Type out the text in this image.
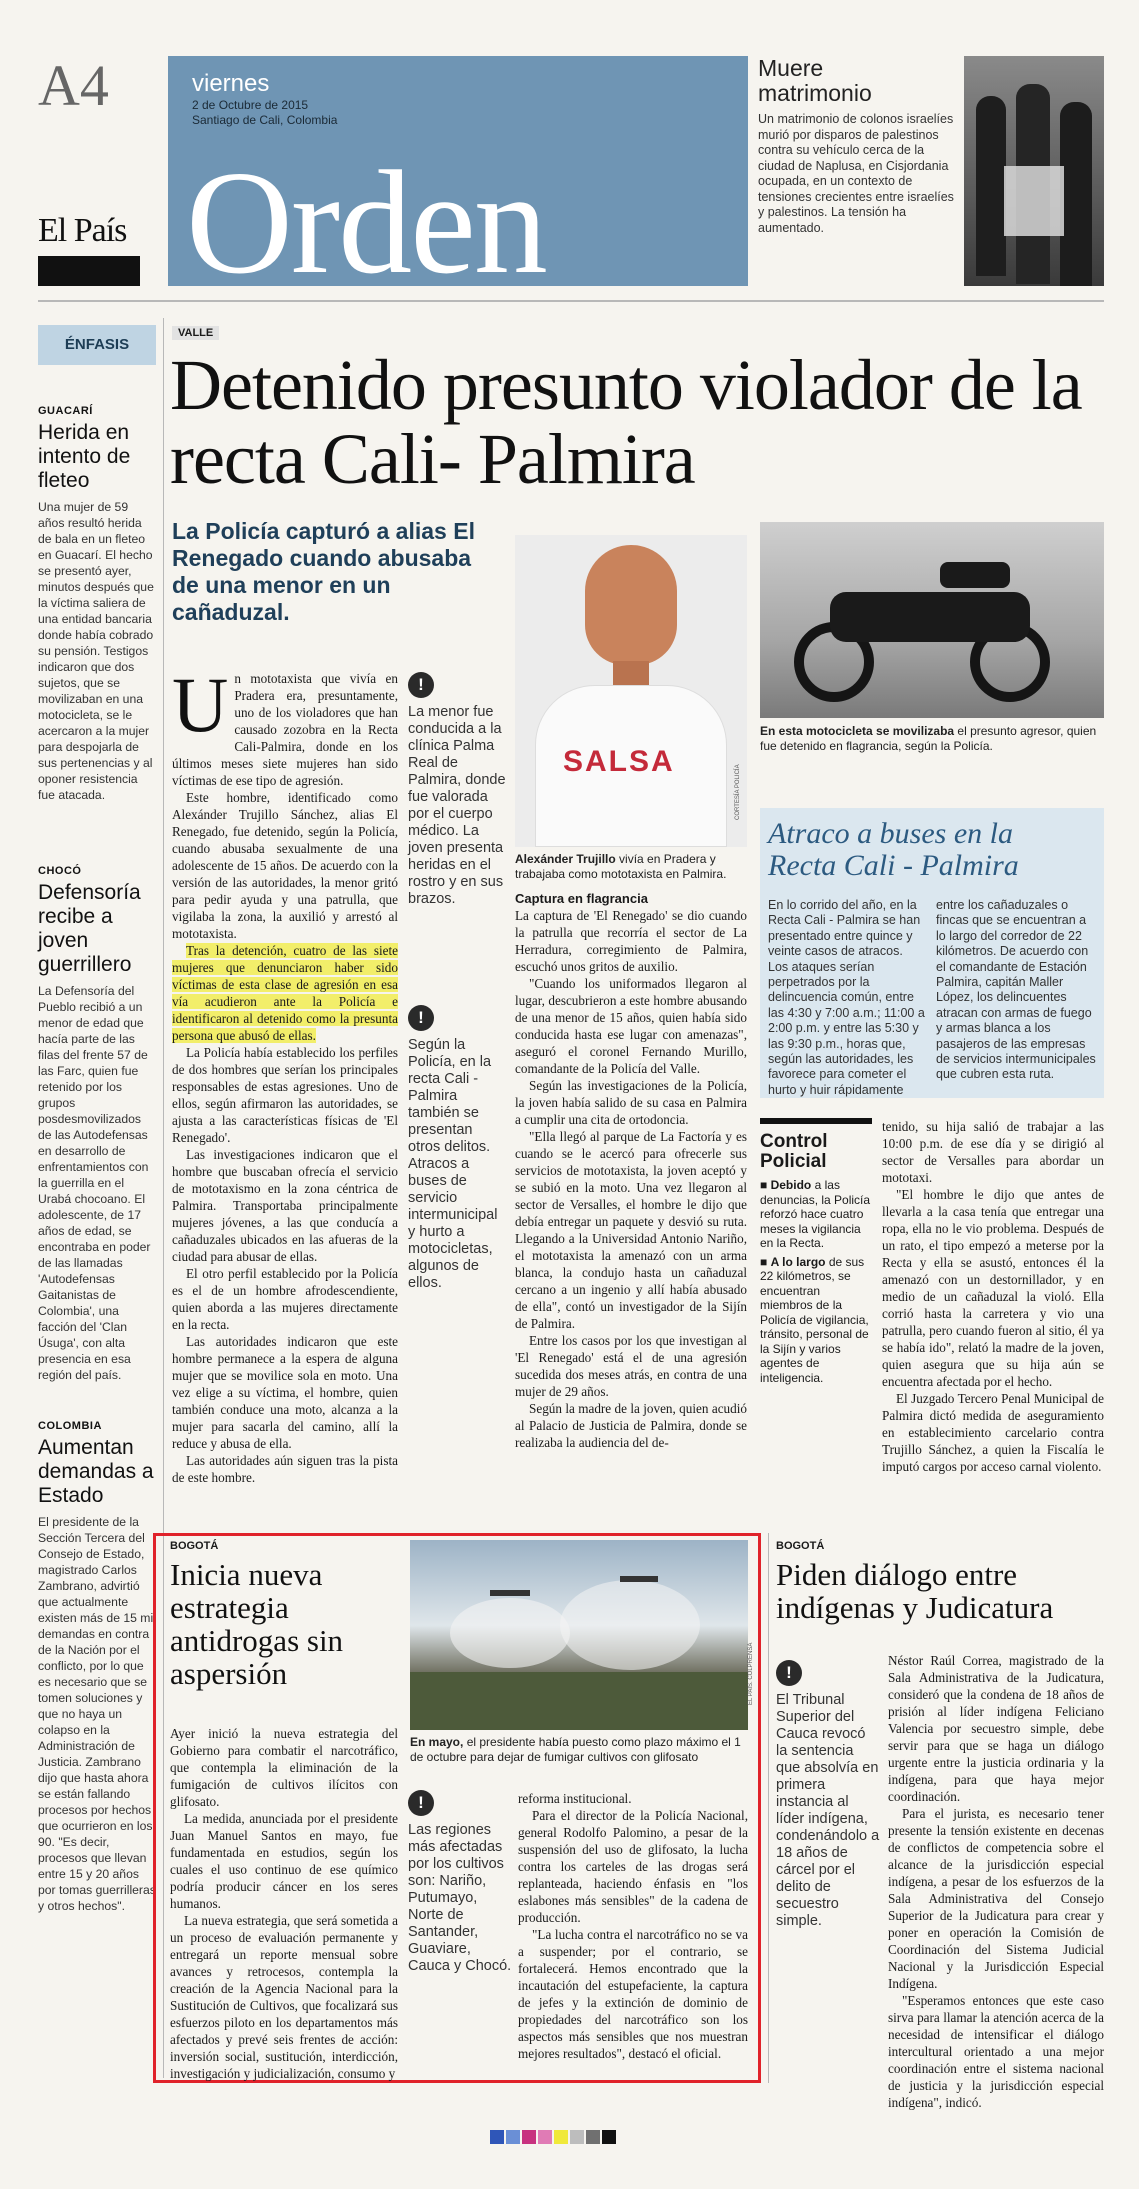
A4
El País
viernes
2 de Octubre de 2015
Santiago de Cali, Colombia
Orden
Muere matrimonio
Un matrimonio de colonos israelíes murió por disparos de palestinos contra su vehículo cerca de la ciudad de Naplusa, en Cisjordania ocupada, en un contexto de tensiones crecientes entre israelíes y palestinos. La tensión ha aumentado.
ÉNFASIS
GUACARÍ
Herida en intento de fleteo
Una mujer de 59 años resultó herida de bala en un fleteo en Guacarí. El hecho se presentó ayer, minutos después que la víctima saliera de una entidad bancaria donde había cobrado su pensión. Testigos indicaron que dos sujetos, que se movilizaban en una motocicleta, se le acercaron a la mujer para despojarla de sus pertenencias y al oponer resistencia fue atacada.
CHOCÓ
Defensoría recibe a joven guerrillero
La Defensoría del Pueblo recibió a un menor de edad que hacía parte de las filas del frente 57 de las Farc, quien fue retenido por los grupos posdesmovilizados de las Autodefensas en desarrollo de enfrentamientos con la guerrilla en el Urabá chocoano. El adolescente, de 17 años de edad, se encontraba en poder de las llamadas 'Autodefensas Gaitanistas de Colombia', una facción del 'Clan Úsuga', con alta presencia en esa región del país.
COLOMBIA
Aumentan demandas a Estado
El presidente de la Sección Tercera del Consejo de Estado, magistrado Carlos Zambrano, advirtió que actualmente existen más de 15 mil demandas en contra de la Nación por el conflicto, por lo que es necesario que se tomen soluciones y que no haya un colapso en la Administración de Justicia. Zambrano dijo que hasta ahora se están fallando procesos por hechos que ocurrieron en los 90. "Es decir, procesos que llevan entre 15 y 20 años por tomas guerrilleras y otros hechos".
VALLE
Detenido presunto violador de la recta Cali- Palmira
La Policía capturó a alias El Renegado cuando abusaba de una menor en un cañaduzal.
U n mototaxista que vivía en Pradera era, presuntamente, uno de los violadores que han causado zozobra en la Recta Cali-Palmira, donde en los últimos meses siete mujeres han sido víctimas de ese tipo de agresión.

Este hombre, identificado como Alexánder Trujillo Sánchez, alias El Renegado, fue detenido, según la Policía, cuando abusaba sexualmente de una adolescente de 15 años. De acuerdo con la versión de las autoridades, la menor gritó para pedir ayuda y una patrulla, que vigilaba la zona, la auxilió y arrestó al mototaxista.

Tras la detención, cuatro de las siete mujeres que denunciaron haber sido víctimas de esta clase de agresión en esa vía acudieron ante la Policía e identificaron al detenido como la presunta persona que abusó de ellas.

La Policía había establecido los perfiles de dos hombres que serían los principales responsables de estas agresiones. Uno de ellos, según afirmaron las autoridades, se ajusta a las características físicas de 'El Renegado'.

Las investigaciones indicaron que el hombre que buscaban ofrecía el servicio de mototaxismo en la zona céntrica de Palmira. Transportaba principalmente mujeres jóvenes, a las que conducía a cañaduzales ubicados en las afueras de la ciudad para abusar de ellas.

El otro perfil establecido por la Policía es el de un hombre afrodescendiente, quien aborda a las mujeres directamente en la recta.

Las autoridades indicaron que este hombre permanece a la espera de alguna mujer que se movilice sola en moto. Una vez elige a su víctima, el hombre, quien también conduce una moto, alcanza a la mujer para sacarla del camino, allí la reduce y abusa de ella.

Las autoridades aún siguen tras la pista de este hombre.

!
La menor fue conducida a la clínica Palma Real de Palmira, donde fue valorada por el cuerpo médico. La joven presenta heridas en el rostro y en sus brazos.
!
Según la Policía, en la recta Cali - Palmira también se presentan otros delitos. Atracos a buses de servicio intermunicipal y hurto a motocicletas, algunos de ellos.
SALSA
CORTESÍA POLICÍA
Alexánder Trujillo vivía en Pradera y trabajaba como mototaxista en Palmira.
Captura en flagrancia

La captura de 'El Renegado' se dio cuando la patrulla que recorría el sector de La Herradura, corregimiento de Palmira, escuchó unos gritos de auxilio.

"Cuando los uniformados llegaron al lugar, descubrieron a este hombre abusando de una menor de 15 años, quien había sido conducida hasta ese lugar con amenazas", aseguró el coronel Fernando Murillo, comandante de la Policía del Valle.

Según las investigaciones de la Policía, la joven había salido de su casa en Palmira a cumplir una cita de ortodoncia.

"Ella llegó al parque de La Factoría y es cuando se le acercó para ofrecerle sus servicios de mototaxista, la joven aceptó y se subió en la moto. Una vez llegaron al sector de Versalles, el hombre le dijo que debía entregar un paquete y desvió su ruta. Llegando a la Universidad Antonio Nariño, el mototaxista la amenazó con un arma blanca, la condujo hasta un cañaduzal cercano a un ingenio y allí había abusado de ella", contó un investigador de la Sijín de Palmira.

Entre los casos por los que investigan al 'El Renegado' está el de una agresión sucedida dos meses atrás, en contra de una mujer de 29 años.

Según la madre de la joven, quien acudió al Palacio de Justicia de Palmira, donde se realizaba la audiencia del de-

En esta motocicleta se movilizaba el presunto agresor, quien fue detenido en flagrancia, según la Policía.
Atraco a buses en la Recta Cali - Palmira
En lo corrido del año, en la Recta Cali - Palmira se han presentado entre quince y veinte casos de atracos. Los ataques serían perpetrados por la delincuencia común, entre las 4:30 y 7:00 a.m.; 11:00 a 2:00 p.m. y entre las 5:30 y las 9:30 p.m., horas que, según las autoridades, les favorece para cometer el hurto y huir rápidamente
entre los cañaduzales o fincas que se encuentran a lo largo del corredor de 22 kilómetros. De acuerdo con el comandante de Estación Palmira, capitán Maller López, los delincuentes atracan con armas de fuego y armas blanca a los pasajeros de las empresas de servicios intermunicipales que cubren esta ruta.
Control Policial
■ Debido a las denuncias, la Policía reforzó hace cuatro meses la vigilancia en la Recta.
■ A lo largo de sus 22 kilómetros, se encuentran miembros de la Policía de vigilancia, tránsito, personal de la Sijín y varios agentes de inteligencia.

tenido, su hija salió de trabajar a las 10:00 p.m. de ese día y se dirigió al sector de Versalles para abordar un mototaxi.

"El hombre le dijo que antes de llevarla a la casa tenía que entregar una ropa, ella no le vio problema. Después de un rato, el tipo empezó a meterse por la Recta y ella se asustó, entonces él la amenazó con un destornillador, y en medio de un cañaduzal la violó. Ella corrió hasta la carretera y vio una patrulla, pero cuando fueron al sitio, él ya se había ido", relató la madre de la joven, quien asegura que su hija aún se encuentra afectada por el hecho.

El Juzgado Tercero Penal Municipal de Palmira dictó medida de aseguramiento en establecimiento carcelario contra Trujillo Sánchez, a quien la Fiscalía le imputó cargos por acceso carnal violento.

BOGOTÁ
Inicia nueva estrategia antidrogas sin aspersión	EL PAÍS. COLPRENSA
En mayo, el presidente había puesto como plazo máximo el 1 de octubre para dejar de fumigar cultivos con glifosato

Ayer inició la nueva estrategia del Gobierno para combatir el narcotráfico, que contempla la eliminación de la fumigación de cultivos ilícitos con glifosato.

La medida, anunciada por el presidente Juan Manuel Santos en mayo, fue fundamentada en estudios, según los cuales el uso continuo de ese químico podría producir cáncer en los seres humanos.

La nueva estrategia, que será sometida a un proceso de evaluación permanente y entregará un reporte mensual sobre avances y retrocesos, contempla la creación de la Agencia Nacional para la Sustitución de Cultivos, que focalizará sus esfuerzos piloto en los departamentos más afectados y prevé seis frentes de acción: inversión social, sustitución, interdicción, investigación y judicialización, consumo y

!
Las regiones más afectadas por los cultivos son: Nariño, Putumayo, Norte de Santander, Guaviare, Cauca y Chocó.

reforma institucional.

Para el director de la Policía Nacional, general Rodolfo Palomino, a pesar de la suspensión del uso de glifosato, la lucha contra los carteles de las drogas será replanteada, haciendo énfasis en "los eslabones más sensibles" de la cadena de producción.

"La lucha contra el narcotráfico no se va a suspender; por el contrario, se fortalecerá. Hemos encontrado que la incautación del estupefaciente, la captura de jefes y la extinción de dominio de propiedades del narcotráfico son los aspectos más sensibles que nos muestran mejores resultados", destacó el oficial.

BOGOTÁ
Piden diálogo entre indígenas y Judicatura
!
El Tribunal Superior del Cauca revocó la sentencia que absolvía en primera instancia al líder indígena, condenándolo a 18 años de cárcel por el delito de secuestro simple.

Néstor Raúl Correa, magistrado de la Sala Administrativa de la Judicatura, consideró que la condena de 18 años de prisión al líder indígena Feliciano Valencia por secuestro simple, debe servir para que se haga un diálogo urgente entre la justicia ordinaria y la indígena, para que haya mejor coordinación.

Para el jurista, es necesario tener presente la tensión existente en decenas de conflictos de competencia sobre el alcance de la jurisdicción especial indígena, a pesar de los esfuerzos de la Sala Administrativa del Consejo Superior de la Judicatura para crear y poner en operación la Comisión de Coordinación del Sistema Judicial Nacional y la Jurisdicción Especial Indígena.

"Esperamos entonces que este caso sirva para llamar la atención acerca de la necesidad de intensificar el diálogo intercultural orientado a una mejor coordinación entre el sistema nacional de justicia y la jurisdicción especial indígena", indicó.
